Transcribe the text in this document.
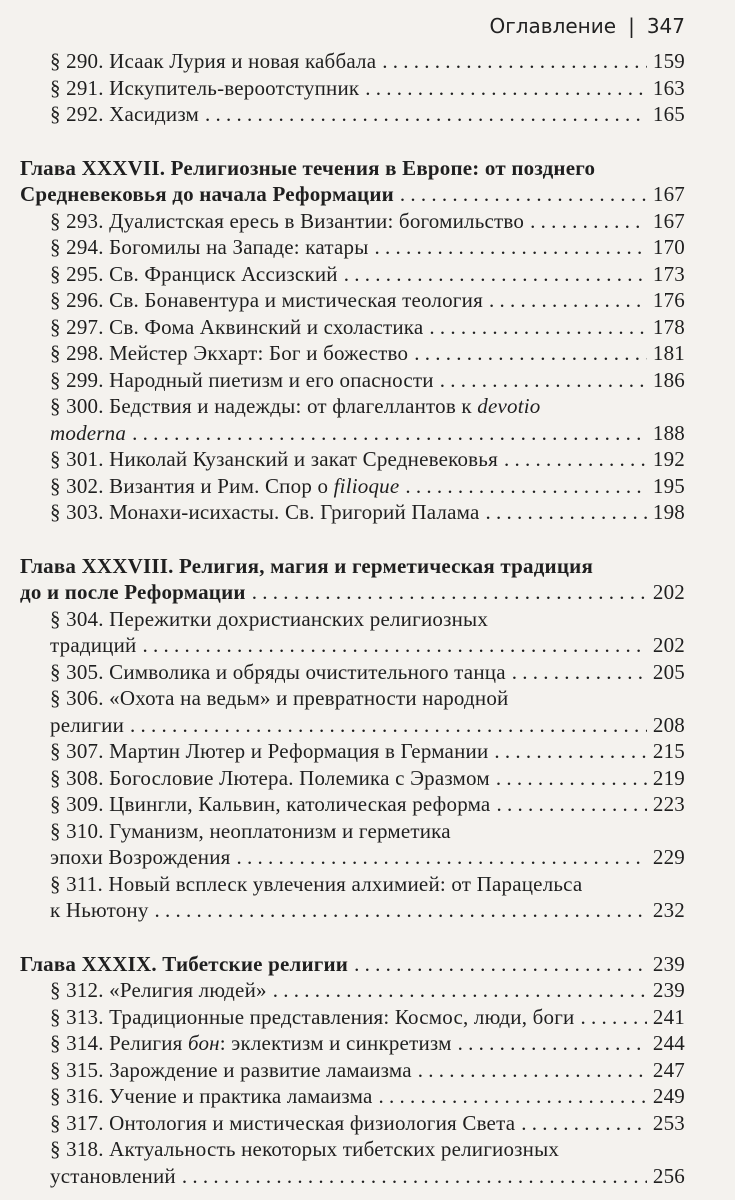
Оглавление | 347
§ 290. Исаак Лурия и новая каббала . . .	159
§ 291. Искупитель-вероотступник . . .	163
§ 292. Хасидизм . . .	165
Глава XXXVII. Религиозные течения в Европе: от позднего
Средневековья до начала Реформации . . .	167
§ 293. Дуалистская ересь в Византии: богомильство . . .	167
§ 294. Богомилы на Западе: катары . . .	170
§ 295. Св. Франциск Ассизский . . .	173
§ 296. Св. Бонавентура и мистическая теология . . .	176
§ 297. Св. Фома Аквинский и схоластика . . .	178
§ 298. Мейстер Экхарт: Бог и божество . . .	181
§ 299. Народный пиетизм и его опасности . . .	186
§ 300. Бедствия и надежды: от флагеллантов к devotio
moderna . . .	188
§ 301. Николай Кузанский и закат Средневековья . . .	192
§ 302. Византия и Рим. Спор о filioque . . .	195
§ 303. Монахи-исихасты. Св. Григорий Палама . . .	198
Глава XXXVIII. Религия, магия и герметическая традиция
до и после Реформации . . .	202
§ 304. Пережитки дохристианских религиозных
традиций . . .	202
§ 305. Символика и обряды очистительного танца . . .	205
§ 306. «Охота на ведьм» и превратности народной
религии . . .	208
§ 307. Мартин Лютер и Реформация в Германии . . .	215
§ 308. Богословие Лютера. Полемика с Эразмом . . .	219
§ 309. Цвингли, Кальвин, католическая реформа . . .	223
§ 310. Гуманизм, неоплатонизм и герметика
эпохи Возрождения . . .	229
§ 311. Новый всплеск увлечения алхимией: от Парацельса
к Ньютону . . .	232
Глава XXXIX. Тибетские религии . . .	239
§ 312. «Религия людей» . . .	239
§ 313. Традиционные представления: Космос, люди, боги . . .	241
§ 314. Религия бон: эклектизм и синкретизм . . .	244
§ 315. Зарождение и развитие ламаизма . . .	247
§ 316. Учение и практика ламаизма . . .	249
§ 317. Онтология и мистическая физиология Света . . .	253
§ 318. Актуальность некоторых тибетских религиозных
установлений . . .	256
